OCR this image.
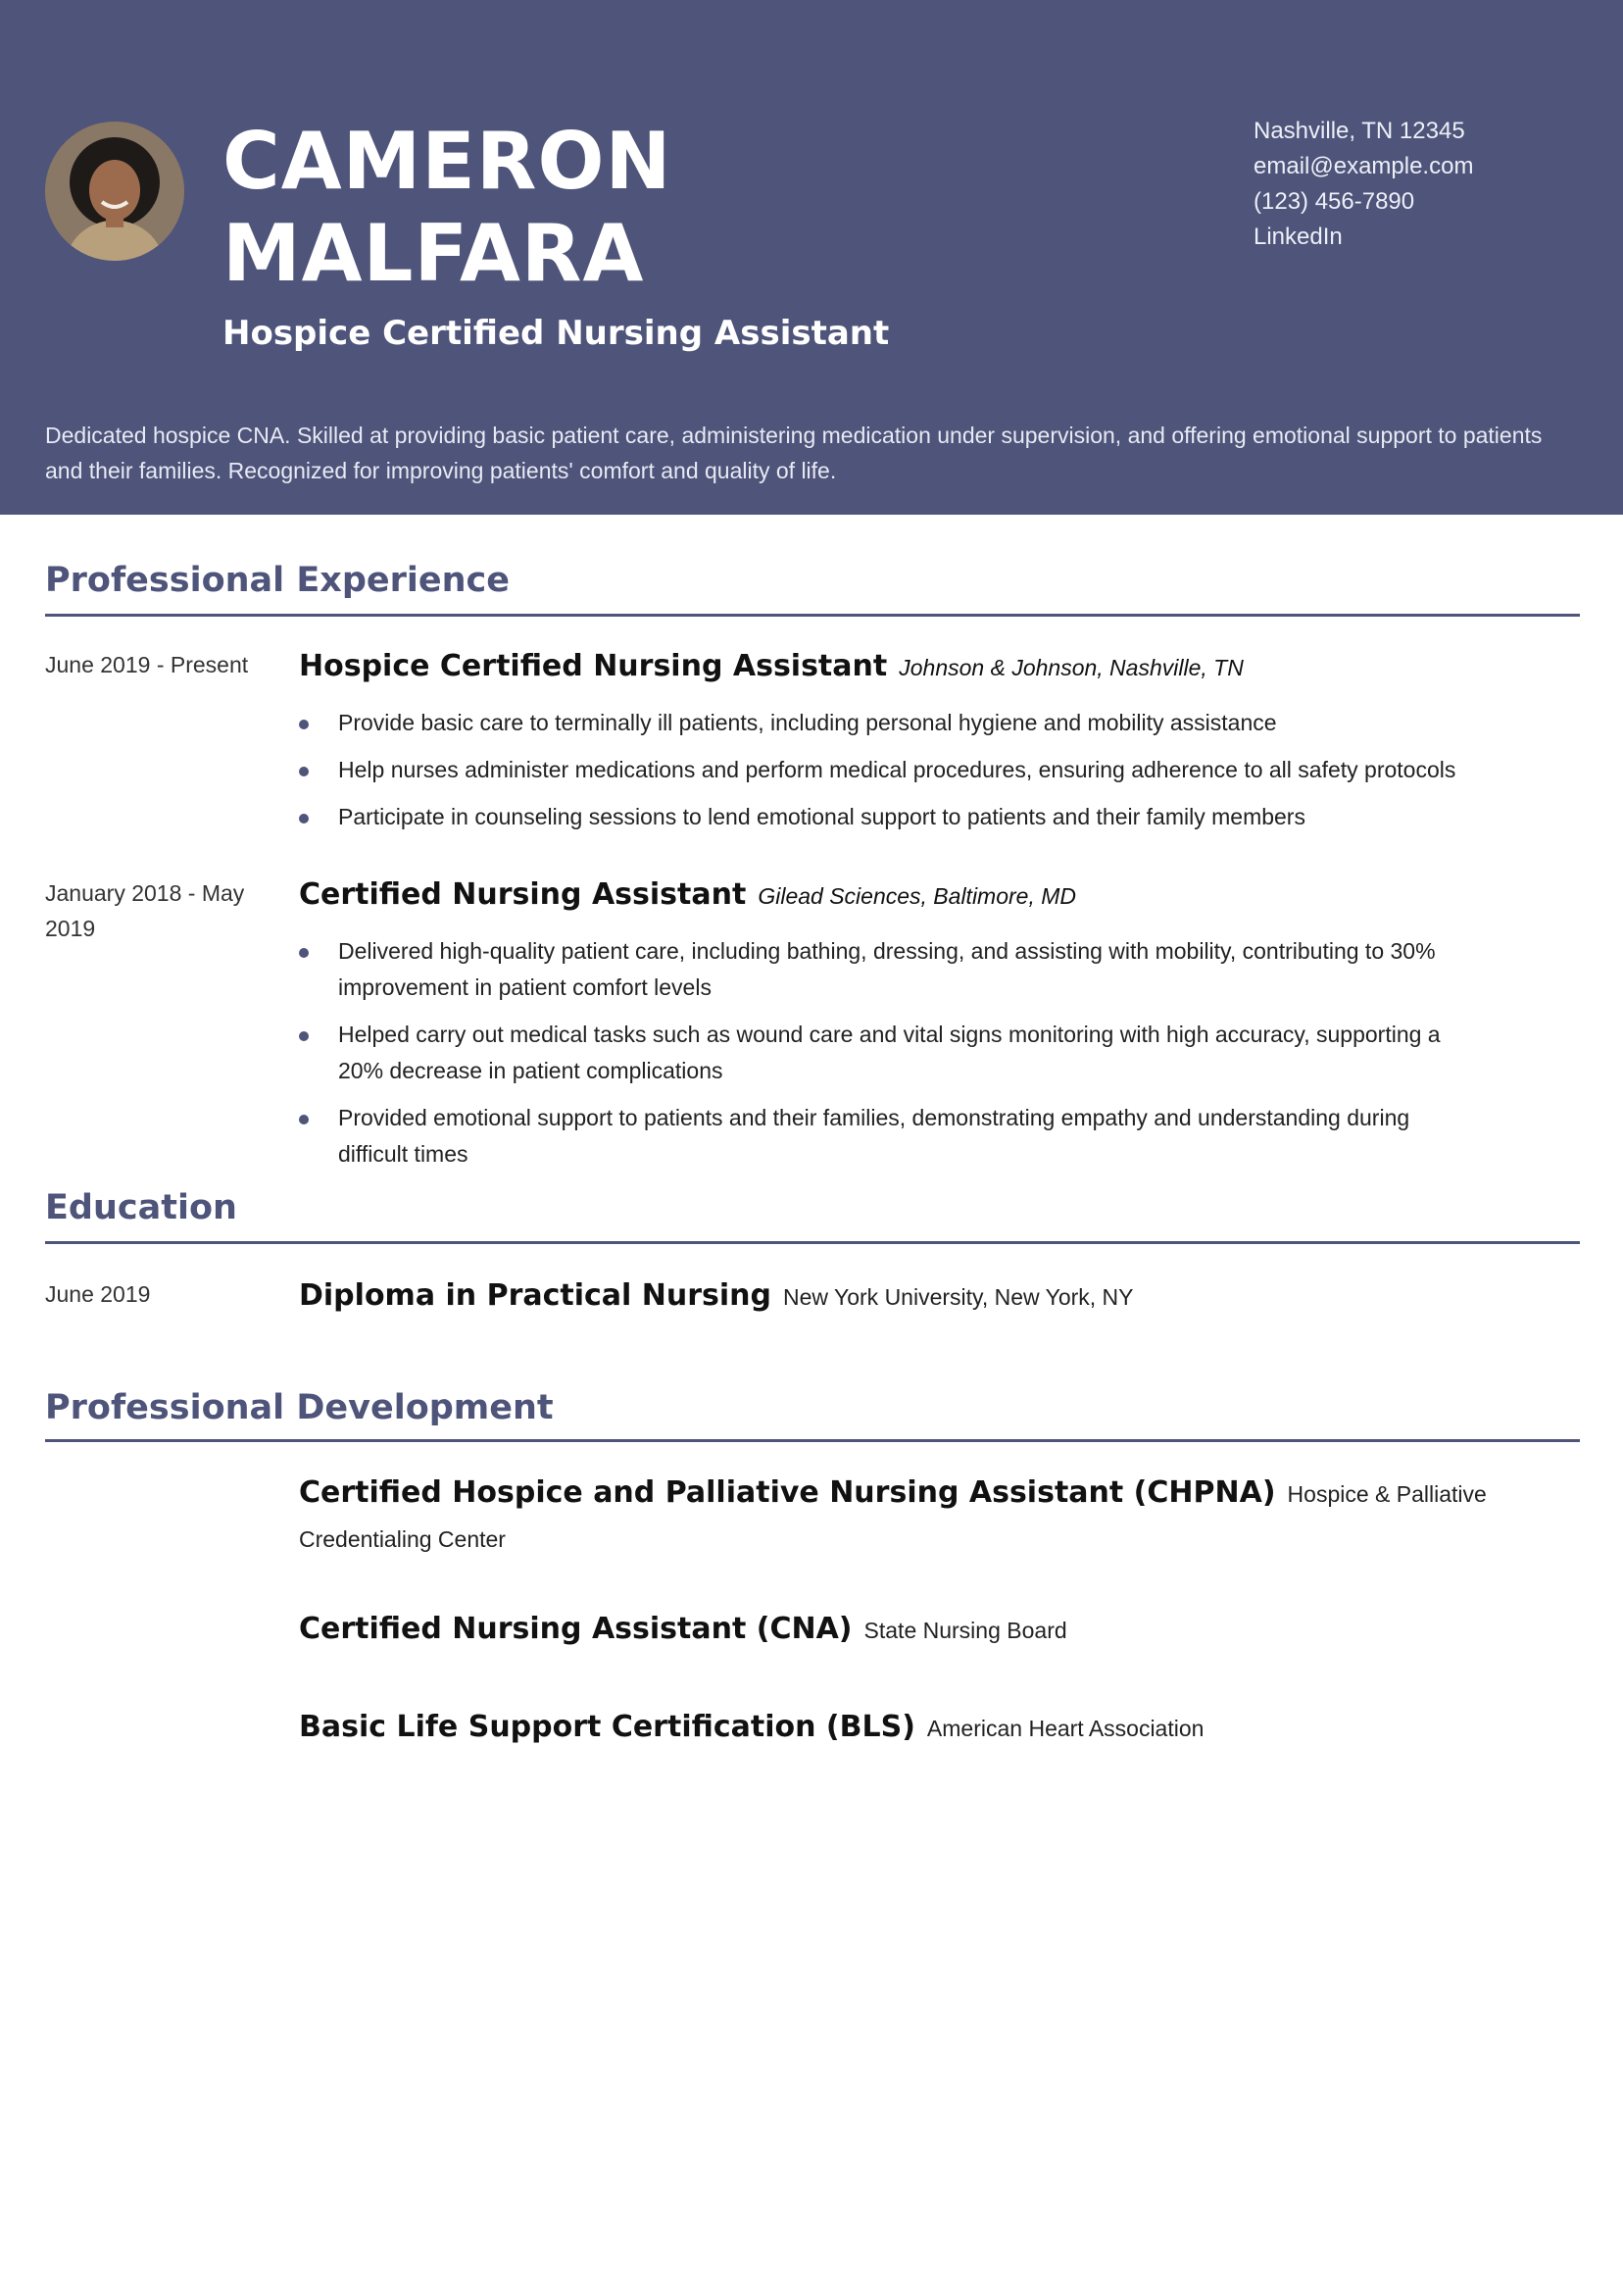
CAMERON
MALFARA
Hospice Certified Nursing Assistant
Nashville, TN 12345
email@example.com
(123) 456-7890
LinkedIn
Dedicated hospice CNA. Skilled at providing basic patient care, administering medication under supervision, and offering emotional support to patients and their families. Recognized for improving patients' comfort and quality of life.
Professional Experience
June 2019 - Present	Hospice Certified Nursing Assistant Johnson & Johnson, Nashville, TN
Provide basic care to terminally ill patients, including personal hygiene and mobility assistance
Help nurses administer medications and perform medical procedures, ensuring adherence to all safety protocols
Participate in counseling sessions to lend emotional support to patients and their family members
January 2018 - May 2019
Certified Nursing Assistant Gilead Sciences, Baltimore, MD
Delivered high-quality patient care, including bathing, dressing, and assisting with mobility, contributing to 30% improvement in patient comfort levels
Helped carry out medical tasks such as wound care and vital signs monitoring with high accuracy, supporting a 20% decrease in patient complications
Provided emotional support to patients and their families, demonstrating empathy and understanding during difficult times
Education
June 2019	Diploma in Practical Nursing New York University, New York, NY
Professional Development
Certified Hospice and Palliative Nursing Assistant (CHPNA) Hospice & Palliative Credentialing Center
Certified Nursing Assistant (CNA) State Nursing Board
Basic Life Support Certification (BLS) American Heart Association
